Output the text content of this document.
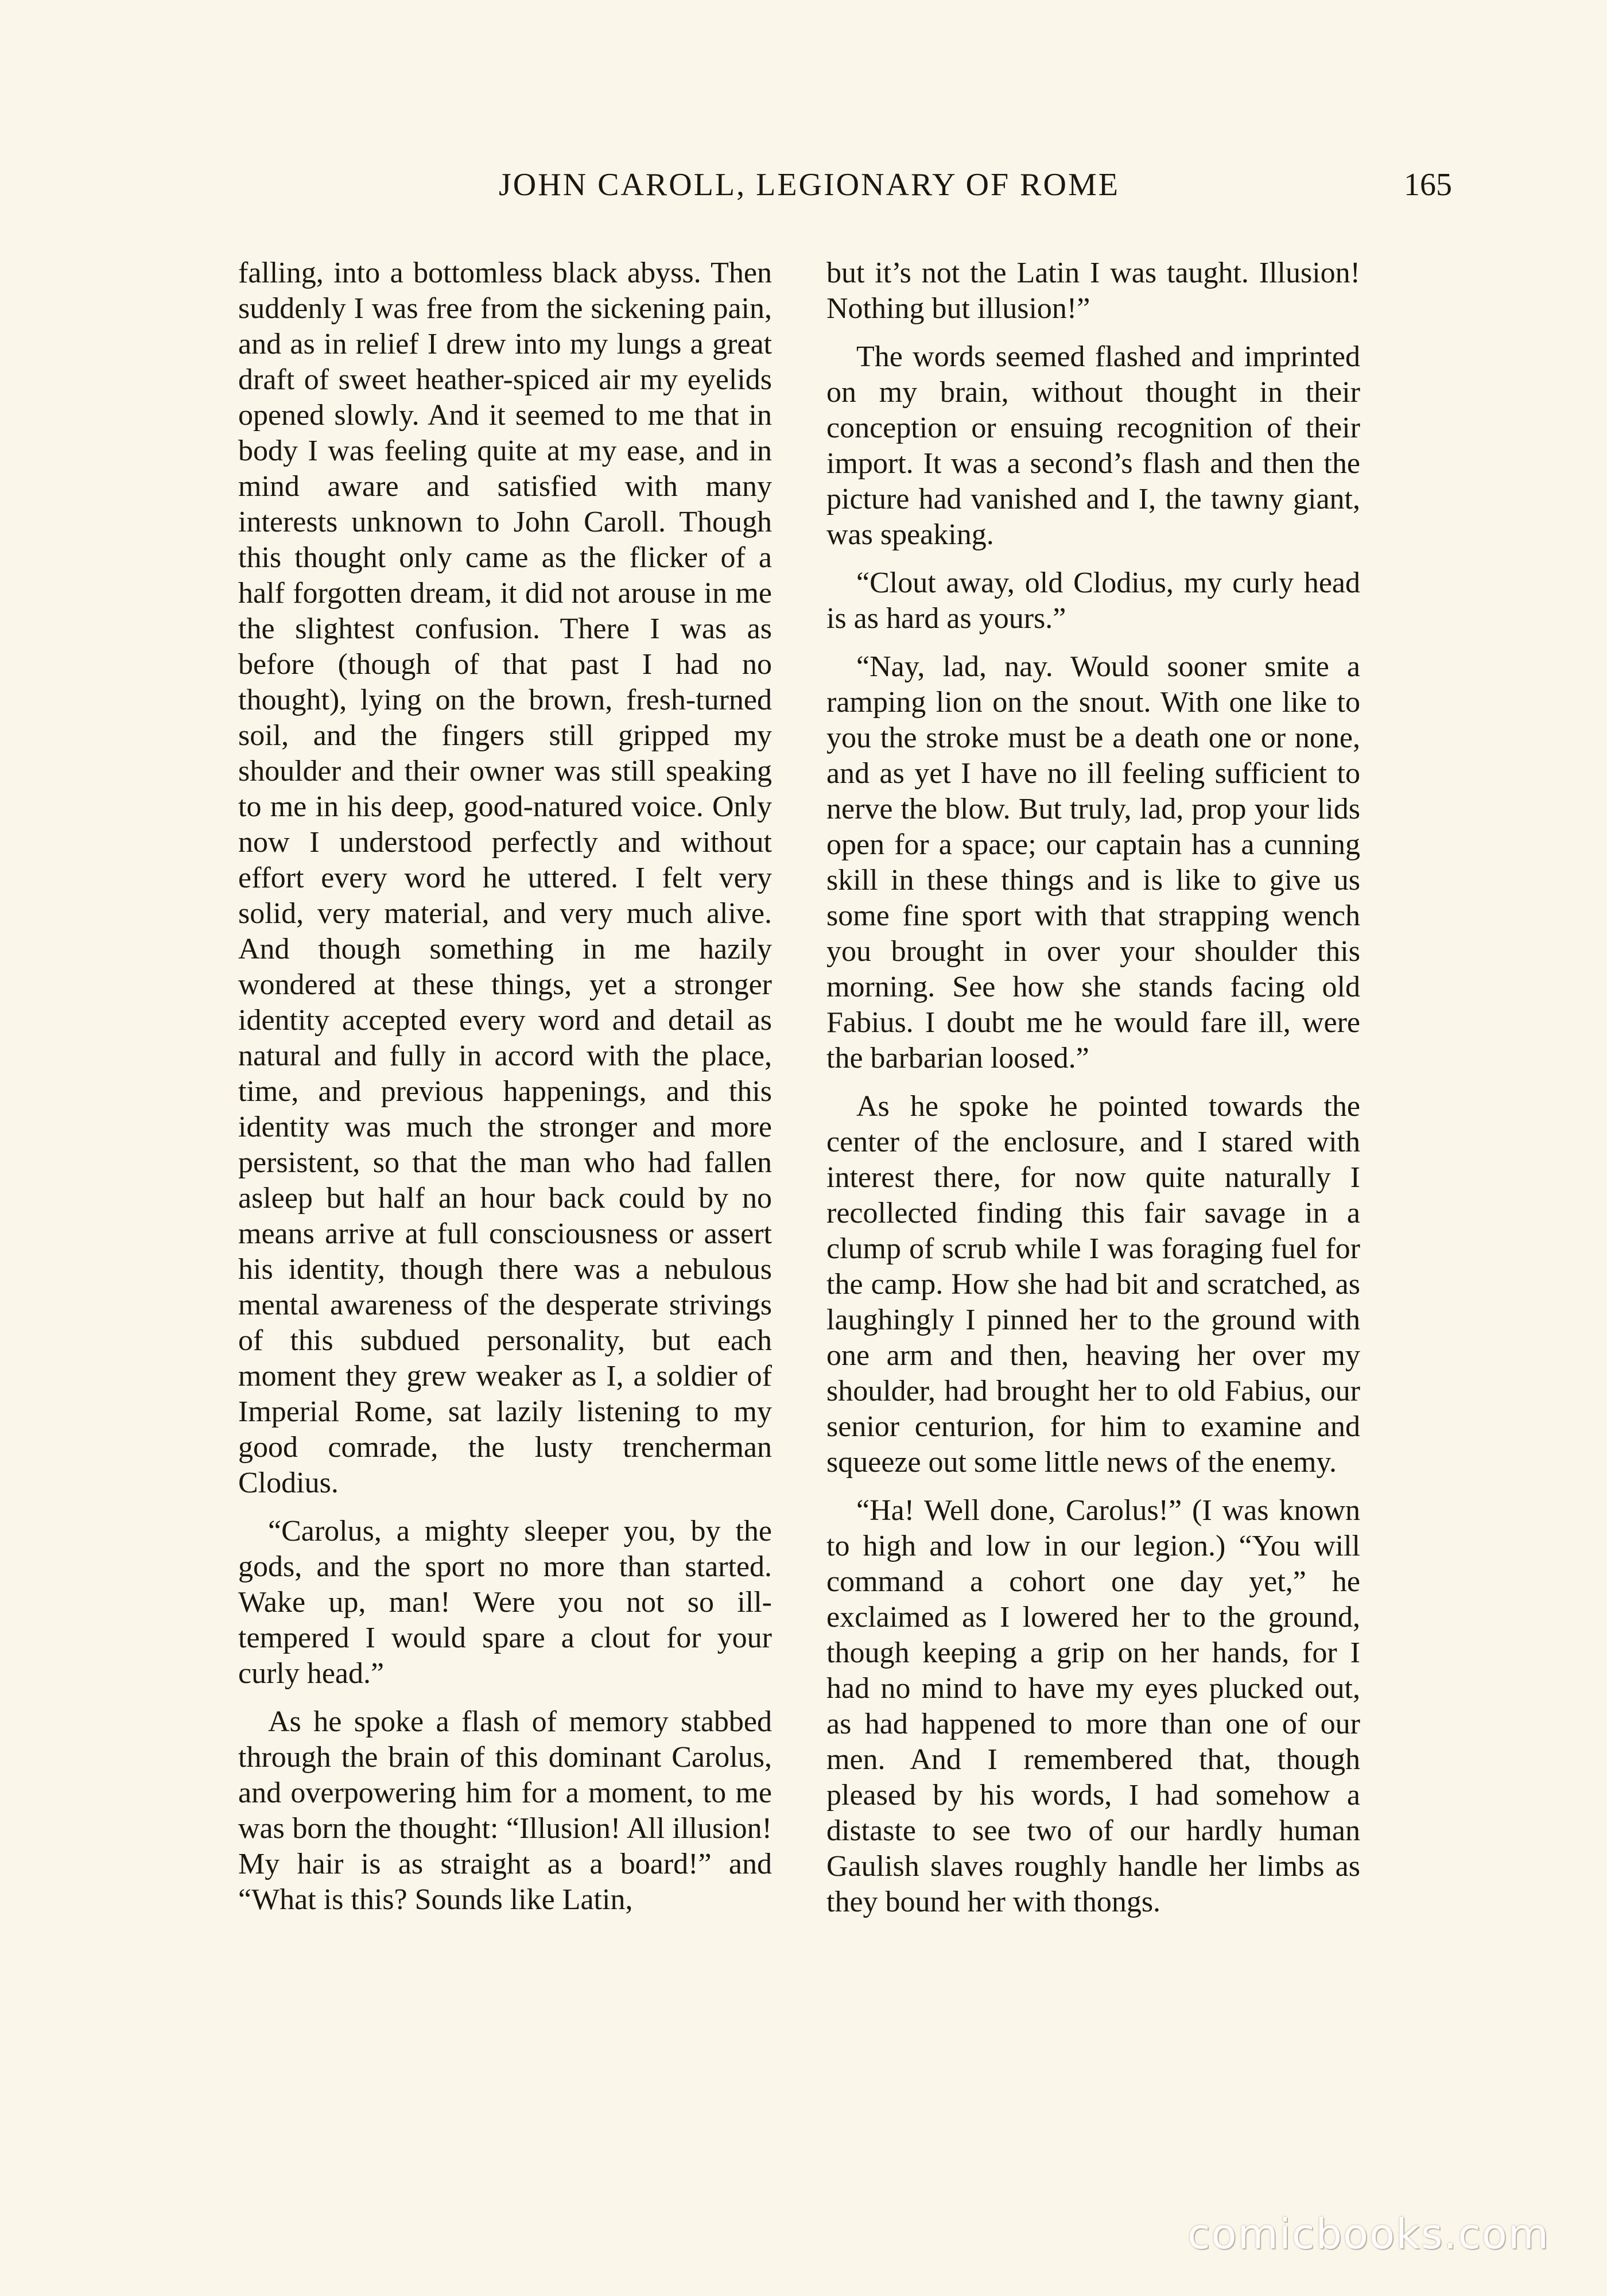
JOHN CAROLL, LEGIONARY OF ROME	165

falling, into a bottomless black abyss. Then suddenly I was free from the sickening pain, and as in relief I drew into my lungs a great draft of sweet heather-spiced air my eyelids opened slowly. And it seemed to me that in body I was feeling quite at my ease, and in mind aware and satisfied with many interests unknown to John Caroll. Though this thought only came as the flicker of a half forgotten dream, it did not arouse in me the slightest confusion. There I was as before (though of that past I had no thought), lying on the brown, fresh-turned soil, and the fingers still gripped my shoulder and their owner was still speaking to me in his deep, good-natured voice. Only now I understood perfectly and without effort every word he uttered. I felt very solid, very material, and very much alive. And though something in me hazily wondered at these things, yet a stronger identity accepted every word and detail as natural and fully in accord with the place, time, and previous happenings, and this identity was much the stronger and more persistent, so that the man who had fallen asleep but half an hour back could by no means arrive at full consciousness or assert his identity, though there was a nebulous mental awareness of the desperate strivings of this subdued personality, but each moment they grew weaker as I, a soldier of Imperial Rome, sat lazily listening to my good comrade, the lusty trencherman Clodius.

“Carolus, a mighty sleeper you, by the gods, and the sport no more than started. Wake up, man! Were you not so ill-tempered I would spare a clout for your curly head.”

As he spoke a flash of memory stabbed through the brain of this dominant Carolus, and overpowering him for a moment, to me was born the thought: “Illusion! All illusion! My hair is as straight as a board!” and “What is this? Sounds like Latin,

but it’s not the Latin I was taught. Illusion! Nothing but illusion!”

The words seemed flashed and imprinted on my brain, without thought in their conception or ensuing recognition of their import. It was a second’s flash and then the picture had vanished and I, the tawny giant, was speaking.

“Clout away, old Clodius, my curly head is as hard as yours.”

“Nay, lad, nay. Would sooner smite a ramping lion on the snout. With one like to you the stroke must be a death one or none, and as yet I have no ill feeling sufficient to nerve the blow. But truly, lad, prop your lids open for a space; our captain has a cunning skill in these things and is like to give us some fine sport with that strapping wench you brought in over your shoulder this morning. See how she stands facing old Fabius. I doubt me he would fare ill, were the barbarian loosed.”

As he spoke he pointed towards the center of the enclosure, and I stared with interest there, for now quite naturally I recollected finding this fair savage in a clump of scrub while I was foraging fuel for the camp. How she had bit and scratched, as laughingly I pinned her to the ground with one arm and then, heaving her over my shoulder, had brought her to old Fabius, our senior centurion, for him to examine and squeeze out some little news of the enemy.

“Ha! Well done, Carolus!” (I was known to high and low in our legion.) “You will command a cohort one day yet,” he exclaimed as I lowered her to the ground, though keeping a grip on her hands, for I had no mind to have my eyes plucked out, as had happened to more than one of our men. And I remembered that, though pleased by his words, I had somehow a distaste to see two of our hardly human Gaulish slaves roughly handle her limbs as they bound her with thongs.

comicbooks.com
